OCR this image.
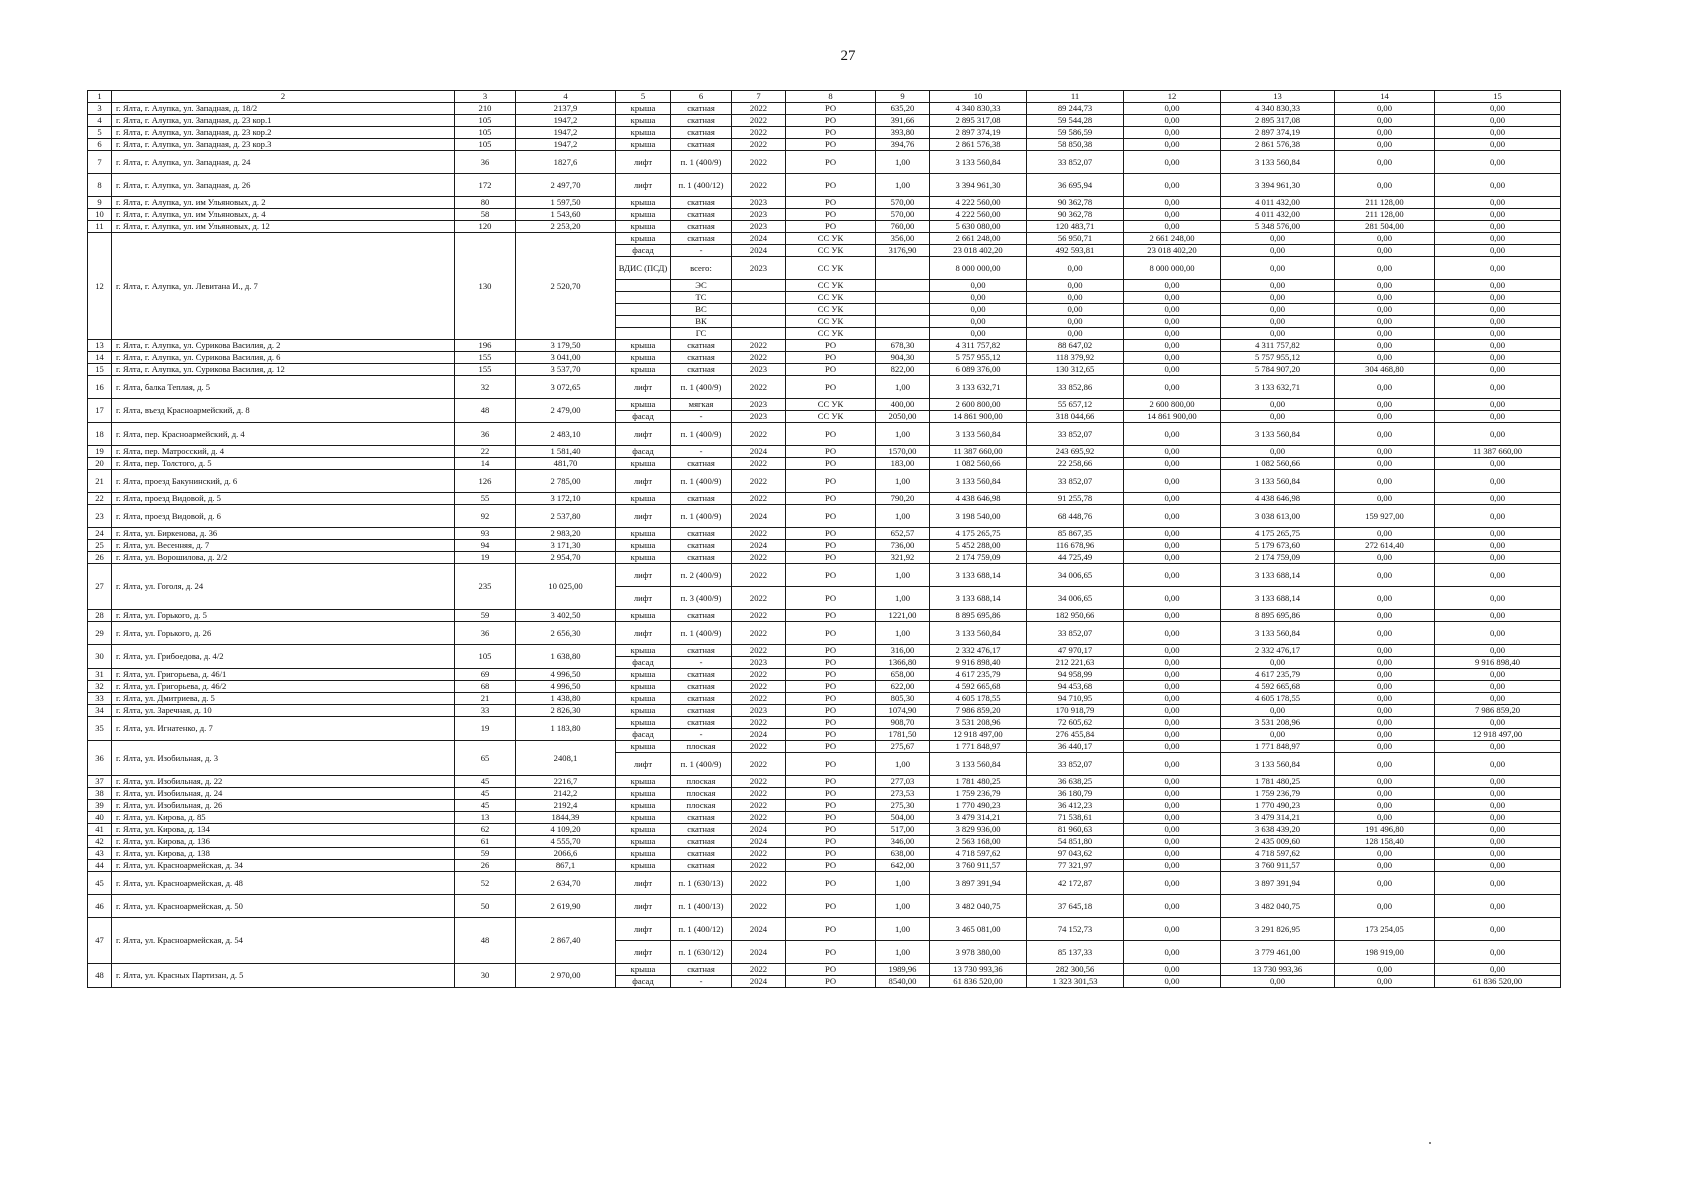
27
1	2	3	4	5	6	7	8	9	10	11	12	13	14	15
3	г. Ялта, г. Алупка, ул. Западная, д. 18/2	210	2137,9	крыша	скатная	2022	РО	635,20	4 340 830,33	89 244,73	0,00	4 340 830,33	0,00	0,00
4	г. Ялта, г. Алупка, ул. Западная, д. 23 кор.1	105	1947,2	крыша	скатная	2022	РО	391,66	2 895 317,08	59 544,28	0,00	2 895 317,08	0,00	0,00
5	г. Ялта, г. Алупка, ул. Западная, д. 23 кор.2	105	1947,2	крыша	скатная	2022	РО	393,80	2 897 374,19	59 586,59	0,00	2 897 374,19	0,00	0,00
6	г. Ялта, г. Алупка, ул. Западная, д. 23 кор.3	105	1947,2	крыша	скатная	2022	РО	394,76	2 861 576,38	58 850,38	0,00	2 861 576,38	0,00	0,00
7	г. Ялта, г. Алупка, ул. Западная, д. 24	36	1827,6	лифт	п. 1 (400/9)	2022	РО	1,00	3 133 560,84	33 852,07	0,00	3 133 560,84	0,00	0,00
8	г. Ялта, г. Алупка, ул. Западная, д. 26	172	2 497,70	лифт	п. 1 (400/12)	2022	РО	1,00	3 394 961,30	36 695,94	0,00	3 394 961,30	0,00	0,00
9	г. Ялта, г. Алупка, ул. им Ульяновых, д. 2	80	1 597,50	крыша	скатная	2023	РО	570,00	4 222 560,00	90 362,78	0,00	4 011 432,00	211 128,00	0,00
10	г. Ялта, г. Алупка, ул. им Ульяновых, д. 4	58	1 543,60	крыша	скатная	2023	РО	570,00	4 222 560,00	90 362,78	0,00	4 011 432,00	211 128,00	0,00
11	г. Ялта, г. Алупка, ул. им Ульяновых, д. 12	120	2 253,20	крыша	скатная	2023	РО	760,00	5 630 080,00	120 483,71	0,00	5 348 576,00	281 504,00	0,00
12	г. Ялта, г. Алупка, ул. Левитана И., д. 7	130	2 520,70	крыша	скатная	2024	СС УК	356,00	2 661 248,00	56 950,71	2 661 248,00	0,00	0,00	0,00
				фасад	-	2024	СС УК	3176,90	23 018 402,20	492 593,81	23 018 402,20	0,00	0,00	0,00
				ВДИС (ПСД)	всего:	2023	СС УК		8 000 000,00	0,00	8 000 000,00	0,00	0,00	0,00
					ЭС		СС УК		0,00	0,00	0,00	0,00	0,00	0,00
					ТС		СС УК		0,00	0,00	0,00	0,00	0,00	0,00
					ВС		СС УК		0,00	0,00	0,00	0,00	0,00	0,00
					ВК		СС УК		0,00	0,00	0,00	0,00	0,00	0,00
					ГС		СС УК		0,00	0,00	0,00	0,00	0,00	0,00
13	г. Ялта, г. Алупка, ул. Сурикова Василия, д. 2	196	3 179,50	крыша	скатная	2022	РО	678,30	4 311 757,82	88 647,02	0,00	4 311 757,82	0,00	0,00
14	г. Ялта, г. Алупка, ул. Сурикова Василия, д. 6	155	3 041,00	крыша	скатная	2022	РО	904,30	5 757 955,12	118 379,92	0,00	5 757 955,12	0,00	0,00
15	г. Ялта, г. Алупка, ул. Сурикова Василия, д. 12	155	3 537,70	крыша	скатная	2023	РО	822,00	6 089 376,00	130 312,65	0,00	5 784 907,20	304 468,80	0,00
16	г. Ялта, балка Теплая, д. 5	32	3 072,65	лифт	п. 1 (400/9)	2022	РО	1,00	3 133 632,71	33 852,86	0,00	3 133 632,71	0,00	0,00
17	г. Ялта, въезд Красноармейский, д. 8	48	2 479,00	крыша	мягкая	2023	СС УК	400,00	2 600 800,00	55 657,12	2 600 800,00	0,00	0,00	0,00
				фасад	-	2023	СС УК	2050,00	14 861 900,00	318 044,66	14 861 900,00	0,00	0,00	0,00
18	г. Ялта, пер. Красноармейский, д. 4	36	2 483,10	лифт	п. 1 (400/9)	2022	РО	1,00	3 133 560,84	33 852,07	0,00	3 133 560,84	0,00	0,00
19	г. Ялта, пер. Матросский, д. 4	22	1 581,40	фасад	-	2024	РО	1570,00	11 387 660,00	243 695,92	0,00	0,00	0,00	11 387 660,00
20	г. Ялта, пер. Толстого, д. 5	14	481,70	крыша	скатная	2022	РО	183,00	1 082 560,66	22 258,66	0,00	1 082 560,66	0,00	0,00
21	г. Ялта, проезд Бакунинский, д. 6	126	2 785,00	лифт	п. 1 (400/9)	2022	РО	1,00	3 133 560,84	33 852,07	0,00	3 133 560,84	0,00	0,00
22	г. Ялта, проезд Видовой, д. 5	55	3 172,10	крыша	скатная	2022	РО	790,20	4 438 646,98	91 255,78	0,00	4 438 646,98	0,00	0,00
23	г. Ялта, проезд Видовой, д. 6	92	2 537,80	лифт	п. 1 (400/9)	2024	РО	1,00	3 198 540,00	68 448,76	0,00	3 038 613,00	159 927,00	0,00
24	г. Ялта, ул. Биркенова, д. 36	93	2 983,20	крыша	скатная	2022	РО	652,57	4 175 265,75	85 867,35	0,00	4 175 265,75	0,00	0,00
25	г. Ялта, ул. Весенняя, д. 7	94	3 171,30	крыша	скатная	2024	РО	736,00	5 452 288,00	116 678,96	0,00	5 179 673,60	272 614,40	0,00
26	г. Ялта, ул. Ворошилова, д. 2/2	19	2 954,70	крыша	скатная	2022	РО	321,92	2 174 759,09	44 725,49	0,00	2 174 759,09	0,00	0,00
27	г. Ялта, ул. Гоголя, д. 24	235	10 025,00	лифт	п. 2 (400/9)	2022	РО	1,00	3 133 688,14	34 006,65	0,00	3 133 688,14	0,00	0,00
				лифт	п. 3 (400/9)	2022	РО	1,00	3 133 688,14	34 006,65	0,00	3 133 688,14	0,00	0,00
28	г. Ялта, ул. Горького, д. 5	59	3 402,50	крыша	скатная	2022	РО	1221,00	8 895 695,86	182 950,66	0,00	8 895 695,86	0,00	0,00
29	г. Ялта, ул. Горького, д. 26	36	2 656,30	лифт	п. 1 (400/9)	2022	РО	1,00	3 133 560,84	33 852,07	0,00	3 133 560,84	0,00	0,00
30	г. Ялта, ул. Грибоедова, д. 4/2	105	1 638,80	крыша	скатная	2022	РО	316,00	2 332 476,17	47 970,17	0,00	2 332 476,17	0,00	0,00
				фасад	-	2023	РО	1366,80	9 916 898,40	212 221,63	0,00	0,00	0,00	9 916 898,40
31	г. Ялта, ул. Григорьева, д. 46/1	69	4 996,50	крыша	скатная	2022	РО	658,00	4 617 235,79	94 958,99	0,00	4 617 235,79	0,00	0,00
32	г. Ялта, ул. Григорьева, д. 46/2	68	4 996,50	крыша	скатная	2022	РО	622,00	4 592 665,68	94 453,68	0,00	4 592 665,68	0,00	0,00
33	г. Ялта, ул. Дмитриева, д. 5	21	1 438,80	крыша	скатная	2022	РО	805,30	4 605 178,55	94 710,95	0,00	4 605 178,55	0,00	0,00
34	г. Ялта, ул. Заречная, д. 10	33	2 826,30	крыша	скатная	2023	РО	1074,90	7 986 859,20	170 918,79	0,00	0,00	0,00	7 986 859,20
35	г. Ялта, ул. Игнатенко, д. 7	19	1 183,80	крыша	скатная	2022	РО	908,70	3 531 208,96	72 605,62	0,00	3 531 208,96	0,00	0,00
				фасад	-	2024	РО	1781,50	12 918 497,00	276 455,84	0,00	0,00	0,00	12 918 497,00
36	г. Ялта, ул. Изобильная, д. 3	65	2408,1	крыша	плоская	2022	РО	275,67	1 771 848,97	36 440,17	0,00	1 771 848,97	0,00	0,00
				лифт	п. 1 (400/9)	2022	РО	1,00	3 133 560,84	33 852,07	0,00	3 133 560,84	0,00	0,00
37	г. Ялта, ул. Изобильная, д. 22	45	2216,7	крыша	плоская	2022	РО	277,03	1 781 480,25	36 638,25	0,00	1 781 480,25	0,00	0,00
38	г. Ялта, ул. Изобильная, д. 24	45	2142,2	крыша	плоская	2022	РО	273,53	1 759 236,79	36 180,79	0,00	1 759 236,79	0,00	0,00
39	г. Ялта, ул. Изобильная, д. 26	45	2192,4	крыша	плоская	2022	РО	275,30	1 770 490,23	36 412,23	0,00	1 770 490,23	0,00	0,00
40	г. Ялта, ул. Кирова, д. 85	13	1844,39	крыша	скатная	2022	РО	504,00	3 479 314,21	71 538,61	0,00	3 479 314,21	0,00	0,00
41	г. Ялта, ул. Кирова, д. 134	62	4 109,20	крыша	скатная	2024	РО	517,00	3 829 936,00	81 960,63	0,00	3 638 439,20	191 496,80	0,00
42	г. Ялта, ул. Кирова, д. 136	61	4 555,70	крыша	скатная	2024	РО	346,00	2 563 168,00	54 851,80	0,00	2 435 009,60	128 158,40	0,00
43	г. Ялта, ул. Кирова, д. 138	59	2066,6	крыша	скатная	2022	РО	638,00	4 718 597,62	97 043,62	0,00	4 718 597,62	0,00	0,00
44	г. Ялта, ул. Красноармейская, д. 34	26	867,1	крыша	скатная	2022	РО	642,00	3 760 911,57	77 321,97	0,00	3 760 911,57	0,00	0,00
45	г. Ялта, ул. Красноармейская, д. 48	52	2 634,70	лифт	п. 1 (630/13)	2022	РО	1,00	3 897 391,94	42 172,87	0,00	3 897 391,94	0,00	0,00
46	г. Ялта, ул. Красноармейская, д. 50	50	2 619,90	лифт	п. 1 (400/13)	2022	РО	1,00	3 482 040,75	37 645,18	0,00	3 482 040,75	0,00	0,00
47	г. Ялта, ул. Красноармейская, д. 54	48	2 867,40	лифт	п. 1 (400/12)	2024	РО	1,00	3 465 081,00	74 152,73	0,00	3 291 826,95	173 254,05	0,00
				лифт	п. 1 (630/12)	2024	РО	1,00	3 978 380,00	85 137,33	0,00	3 779 461,00	198 919,00	0,00
48	г. Ялта, ул. Красных Партизан, д. 5	30	2 970,00	крыша	скатная	2022	РО	1989,96	13 730 993,36	282 300,56	0,00	13 730 993,36	0,00	0,00
				фасад	-	2024	РО	8540,00	61 836 520,00	1 323 301,53	0,00	0,00	0,00	61 836 520,00
